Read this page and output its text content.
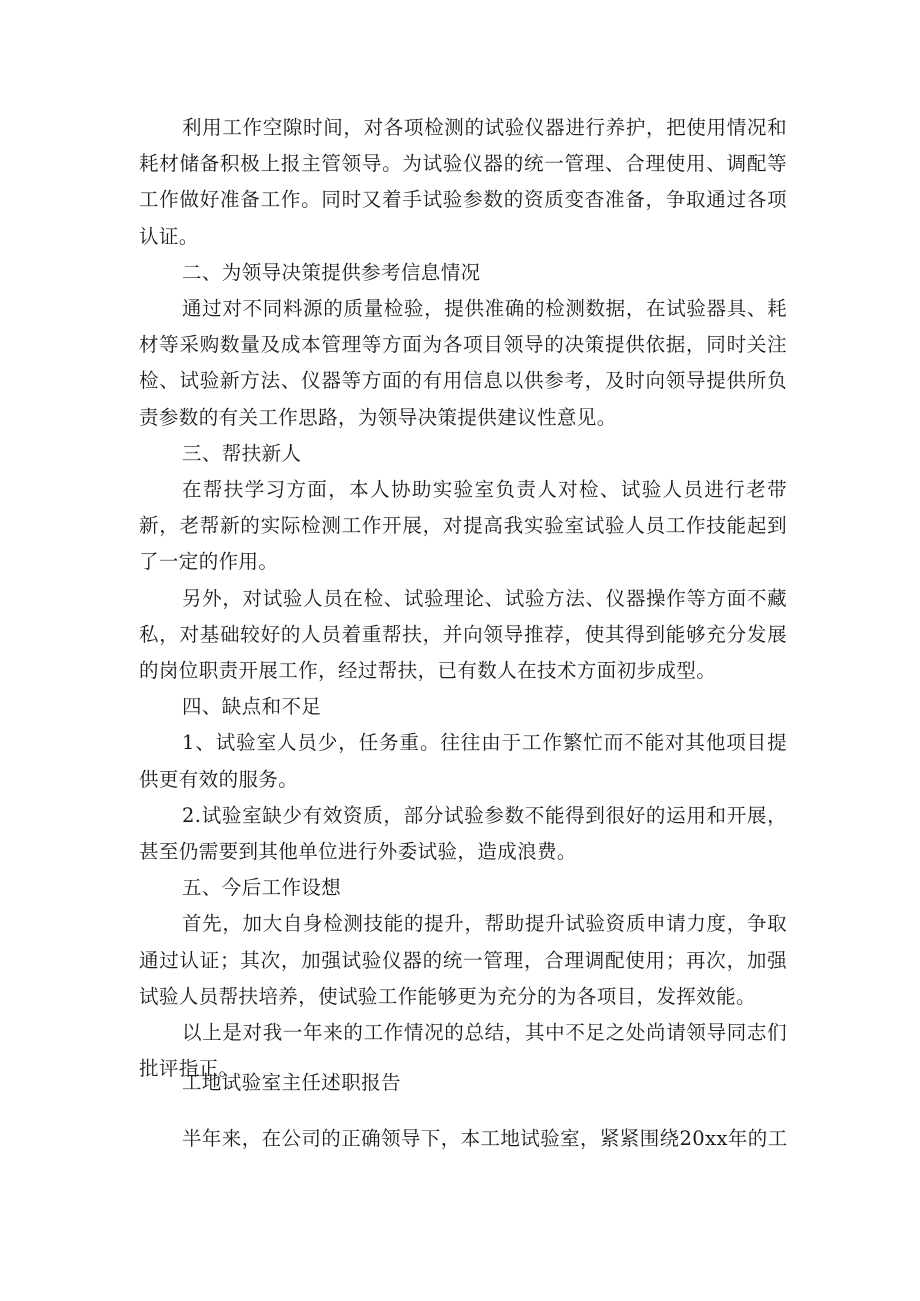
利用工作空隙时间，对各项检测的试验仪器进行养护，把使用情况和耗材储备积极上报主管领导。为试验仪器的统一管理、合理使用、调配等工作做好准备工作。同时又着手试验参数的资质变杳准备，争取通过各项认证。

二、为领导决策提供参考信息情况

通过对不同料源的质量检验，提供准确的检测数据，在试验器具、耗材等采购数量及成本管理等方面为各项目领导的决策提供依据，同时关注检、试验新方法、仪器等方面的有用信息以供参考，及时向领导提供所负责参数的有关工作思路，为领导决策提供建议性意见。

三、帮扶新人

在帮扶学习方面，本人协助实验室负责人对检、试验人员进行老带新，老帮新的实际检测工作开展，对提高我实验室试验人员工作技能起到了一定的作用。

另外，对试验人员在检、试验理论、试验方法、仪器操作等方面不藏私，对基础较好的人员着重帮扶，并向领导推荐，使其得到能够充分发展的岗位职责开展工作，经过帮扶，已有数人在技术方面初步成型。

四、缺点和不足

1、试验室人员少，任务重。往往由于工作繁忙而不能对其他项目提供更有效的服务。

2.试验室缺少有效资质，部分试验参数不能得到很好的运用和开展，甚至仍需要到其他单位进行外委试验，造成浪费。

五、今后工作设想

首先，加大自身检测技能的提升，帮助提升试验资质申请力度，争取通过认证；其次，加强试验仪器的统一管理，合理调配使用；再次，加强试验人员帮扶培养，使试验工作能够更为充分的为各项目，发挥效能。

以上是对我一年来的工作情况的总结，其中不足之处尚请领导同志们批评指正。

工地试验室主任述职报告

半年来，在公司的正确领导下，本工地试验室，紧紧围绕20xx年的工
